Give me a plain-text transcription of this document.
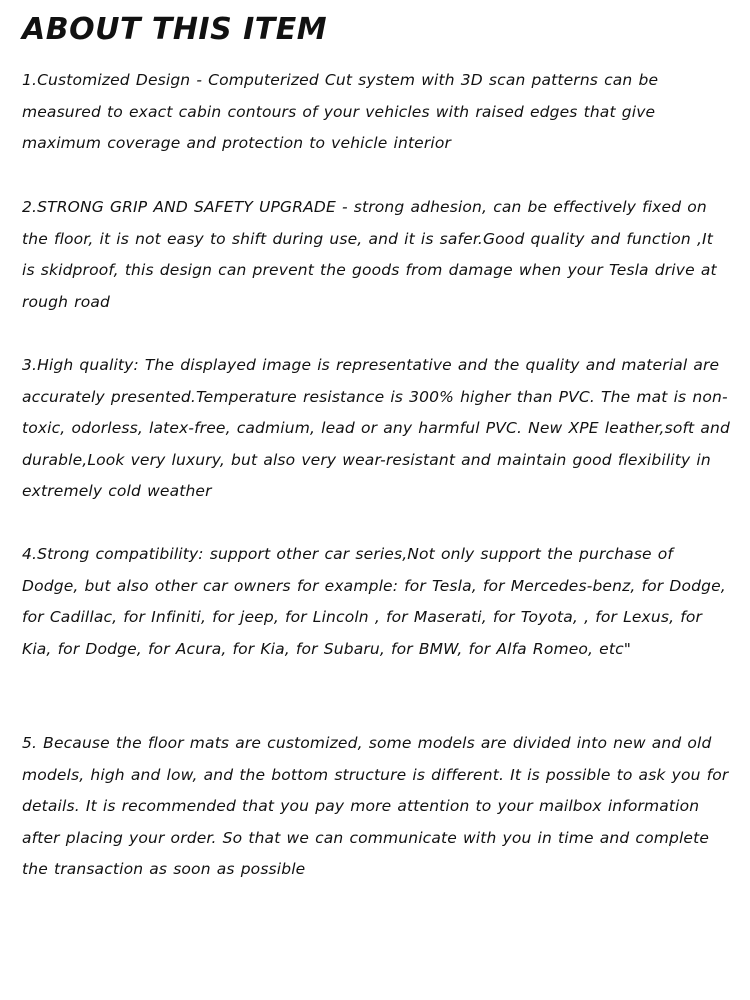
ABOUT THIS ITEM

1.Customized Design - Computerized Cut system with 3D scan patterns can be measured to exact cabin contours of your vehicles with raised edges that give maximum coverage and protection to vehicle interior

2.STRONG GRIP AND SAFETY UPGRADE - strong adhesion, can be effectively fixed on the floor, it is not easy to shift during use, and it is safer.Good quality and function ,It is skidproof, this design can prevent the goods from damage when your Tesla drive at rough road

3.High quality: The displayed image is representative and the quality and material are accurately presented.Temperature resistance is 300% higher than PVC. The mat is non-toxic, odorless, latex-free, cadmium, lead or any harmful PVC. New XPE leather,soft and durable,Look very luxury, but also very wear-resistant and maintain good flexibility in extremely cold weather

4.Strong compatibility: support other car series,Not only support the purchase of Dodge, but also other car owners for example: for Tesla, for Mercedes-benz, for Dodge, for Cadillac, for Infiniti, for jeep, for Lincoln , for Maserati, for Toyota, , for Lexus, for Kia, for Dodge, for Acura, for Kia, for Subaru, for BMW, for Alfa Romeo, etc"

5. Because the floor mats are customized, some models are divided into new and old models, high and low, and the bottom structure is different. It is possible to ask you for details. It is recommended that you pay more attention to your mailbox information after placing your order. So that we can communicate with you in time and complete the transaction as soon as possible
